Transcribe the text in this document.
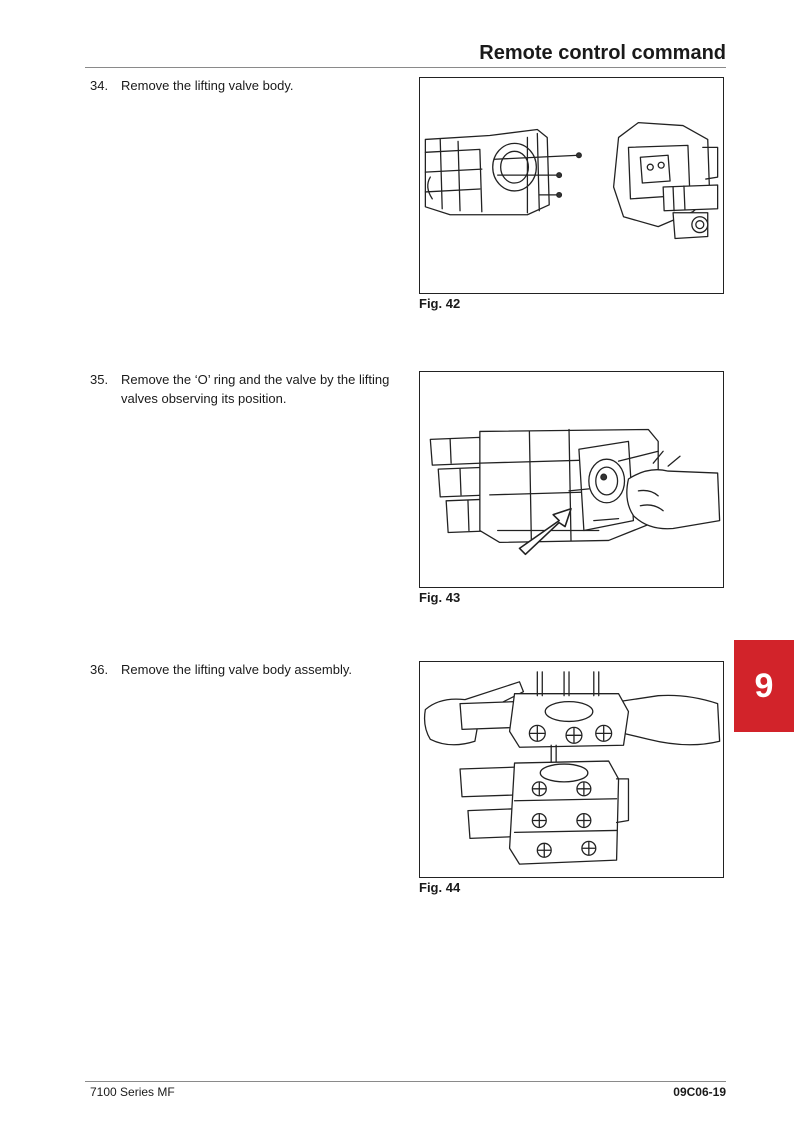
Remote control command
34. Remove the lifting valve body.
Fig. 42
35. Remove the ‘O’ ring and the valve by the lifting valves observing its position.
Fig. 43
36. Remove the lifting valve body assembly.
Fig. 44
9
7100 Series MF	09C06-19
